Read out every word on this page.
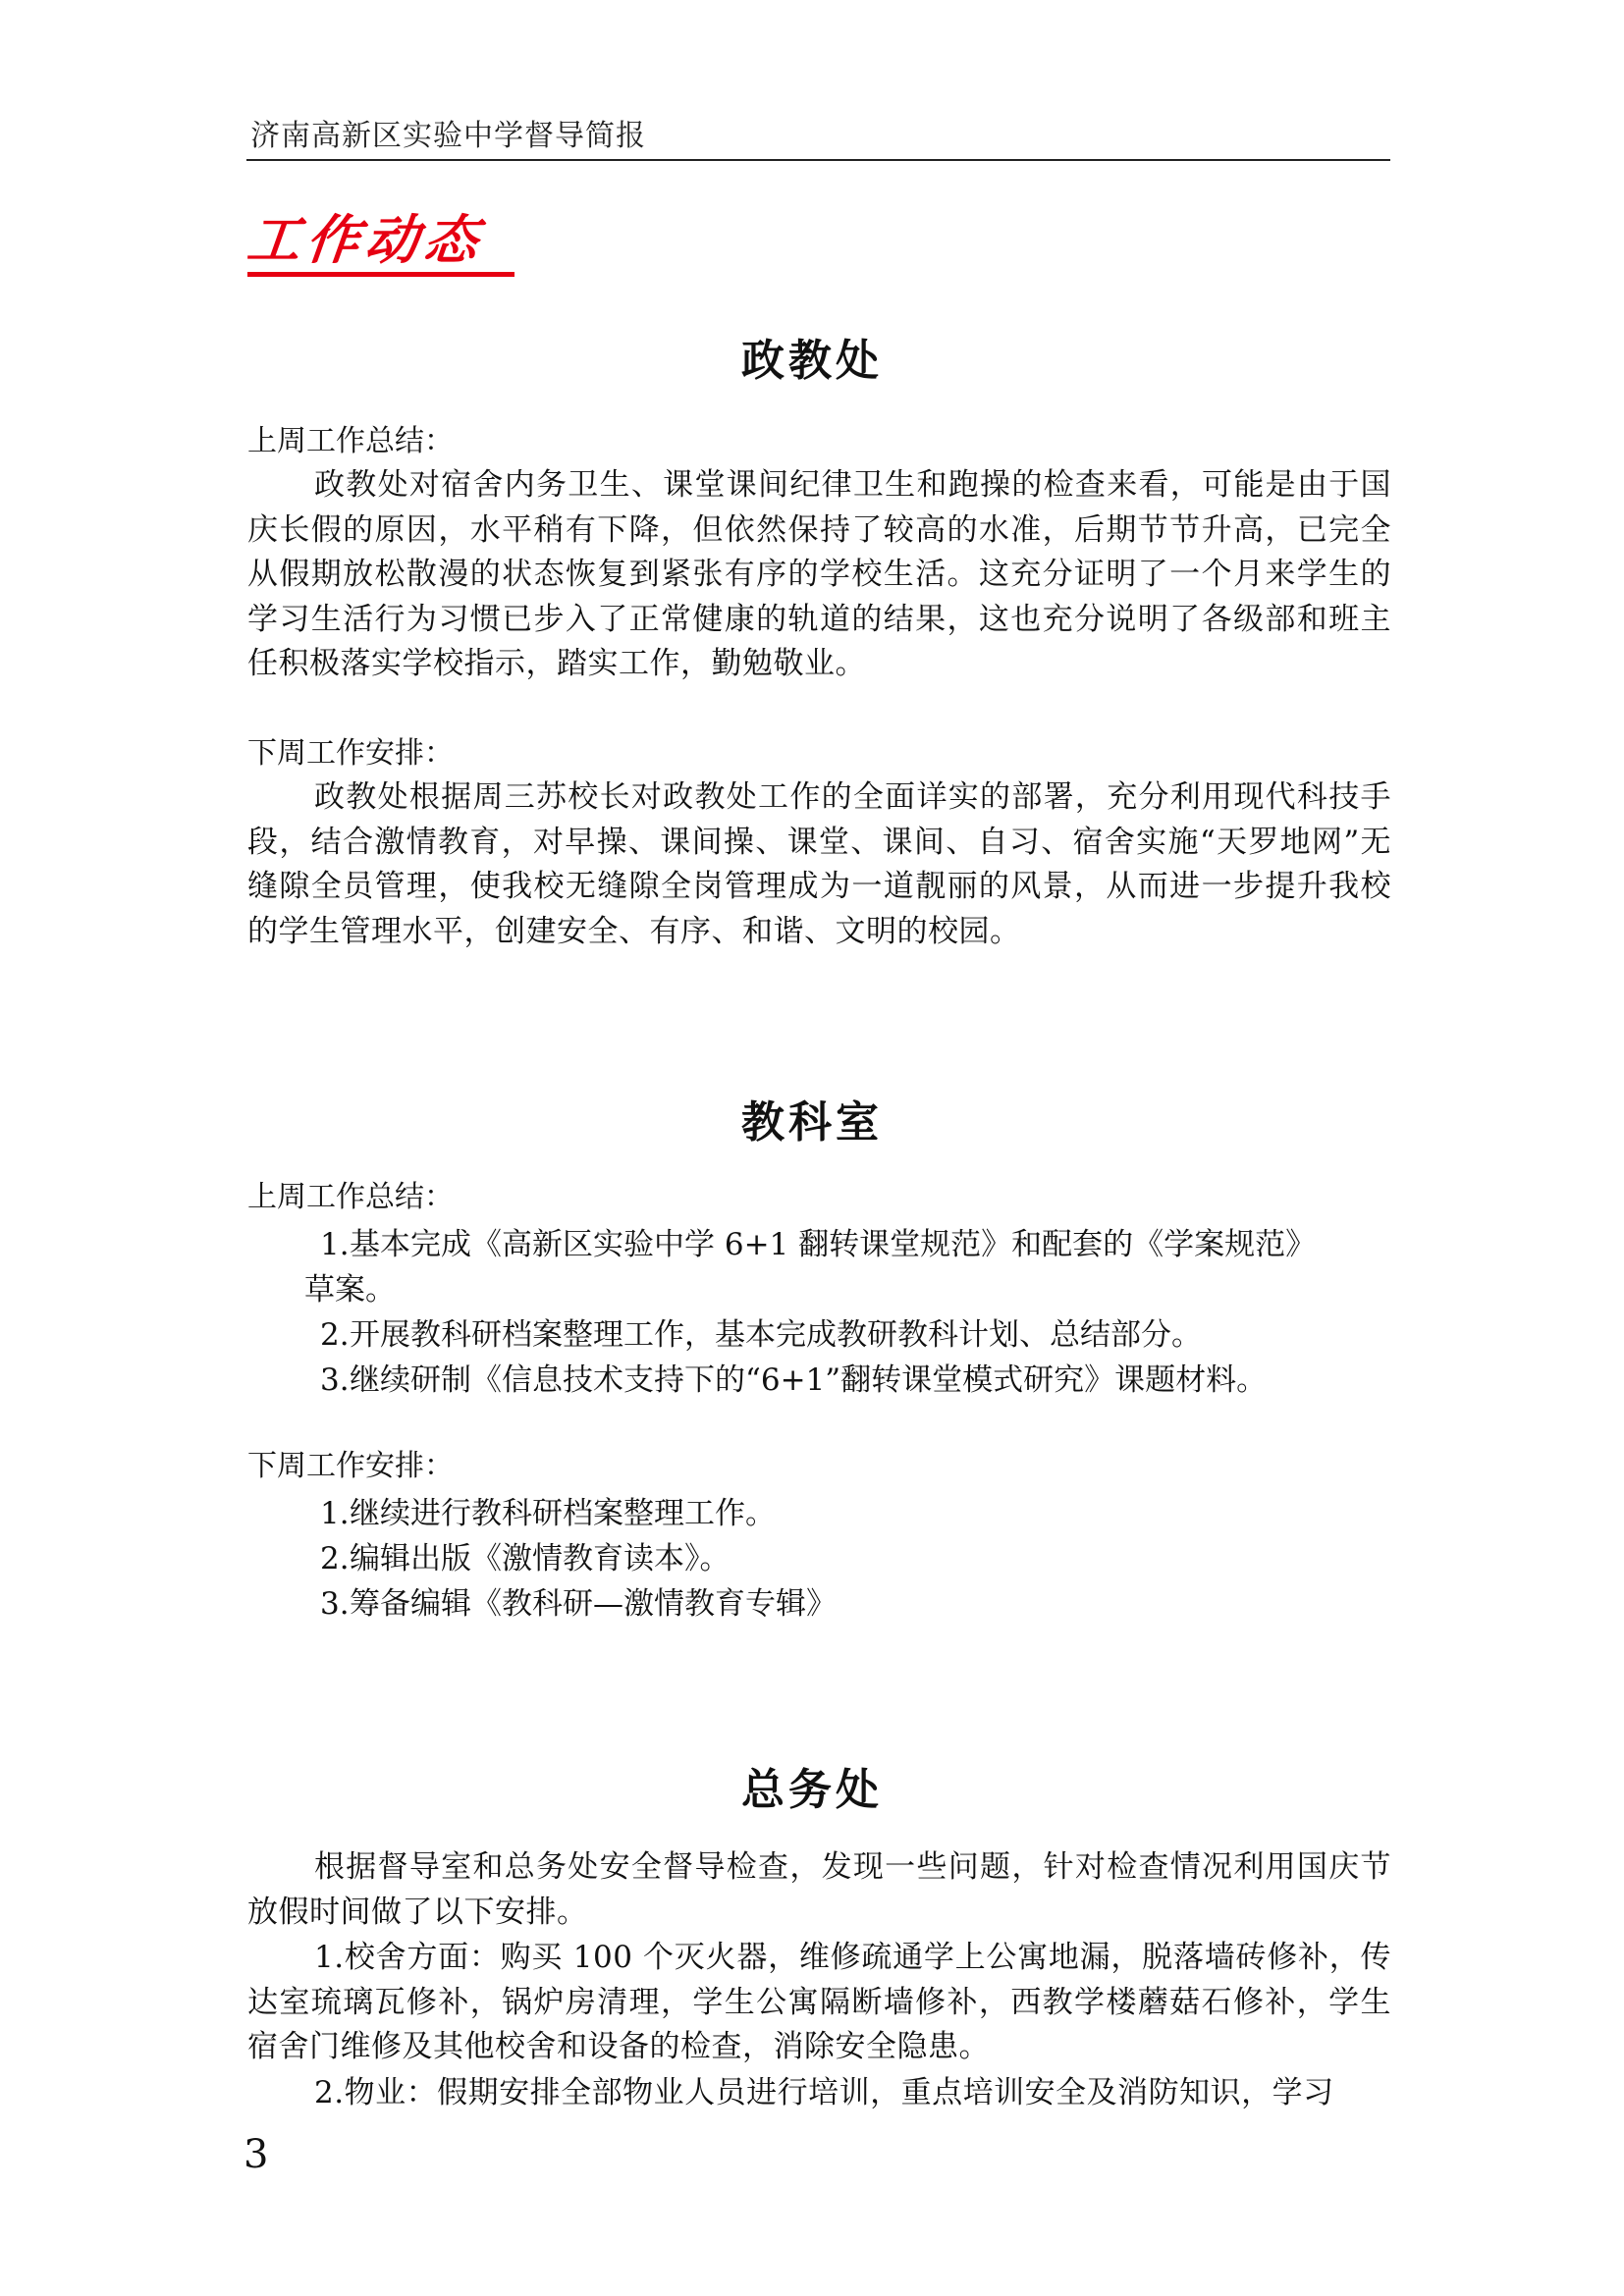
济南高新区实验中学督导简报
工作动态
政教处
上周工作总结：
政教处对宿舍内务卫生、课堂课间纪律卫生和跑操的检查来看，可能是由于国庆长假的原因，水平稍有下降，但依然保持了较高的水准，后期节节升高，已完全从假期放松散漫的状态恢复到紧张有序的学校生活。这充分证明了一个月来学生的学习生活行为习惯已步入了正常健康的轨道的结果，这也充分说明了各级部和班主任积极落实学校指示，踏实工作，勤勉敬业。
下周工作安排：
政教处根据周三苏校长对政教处工作的全面详实的部署，充分利用现代科技手段，结合激情教育，对早操、课间操、课堂、课间、自习、宿舍实施“天罗地网”无缝隙全员管理，使我校无缝隙全岗管理成为一道靓丽的风景，从而进一步提升我校的学生管理水平，创建安全、有序、和谐、文明的校园。
教科室
上周工作总结：
1.基本完成《高新区实验中学 6+1 翻转课堂规范》和配套的《学案规范》
草案。
2.开展教科研档案整理工作，基本完成教研教科计划、总结部分。
3.继续研制《信息技术支持下的“6+1”翻转课堂模式研究》课题材料。
下周工作安排：
1.继续进行教科研档案整理工作。
2.编辑出版《激情教育读本》。
3.筹备编辑《教科研—激情教育专辑》
总务处
根据督导室和总务处安全督导检查，发现一些问题，针对检查情况利用国庆节放假时间做了以下安排。
1.校舍方面：购买 100 个灭火器，维修疏通学上公寓地漏，脱落墙砖修补，传达室琉璃瓦修补，锅炉房清理，学生公寓隔断墙修补，西教学楼蘑菇石修补，学生宿舍门维修及其他校舍和设备的检查，消除安全隐患。
2.物业：假期安排全部物业人员进行培训，重点培训安全及消防知识，学习
3
